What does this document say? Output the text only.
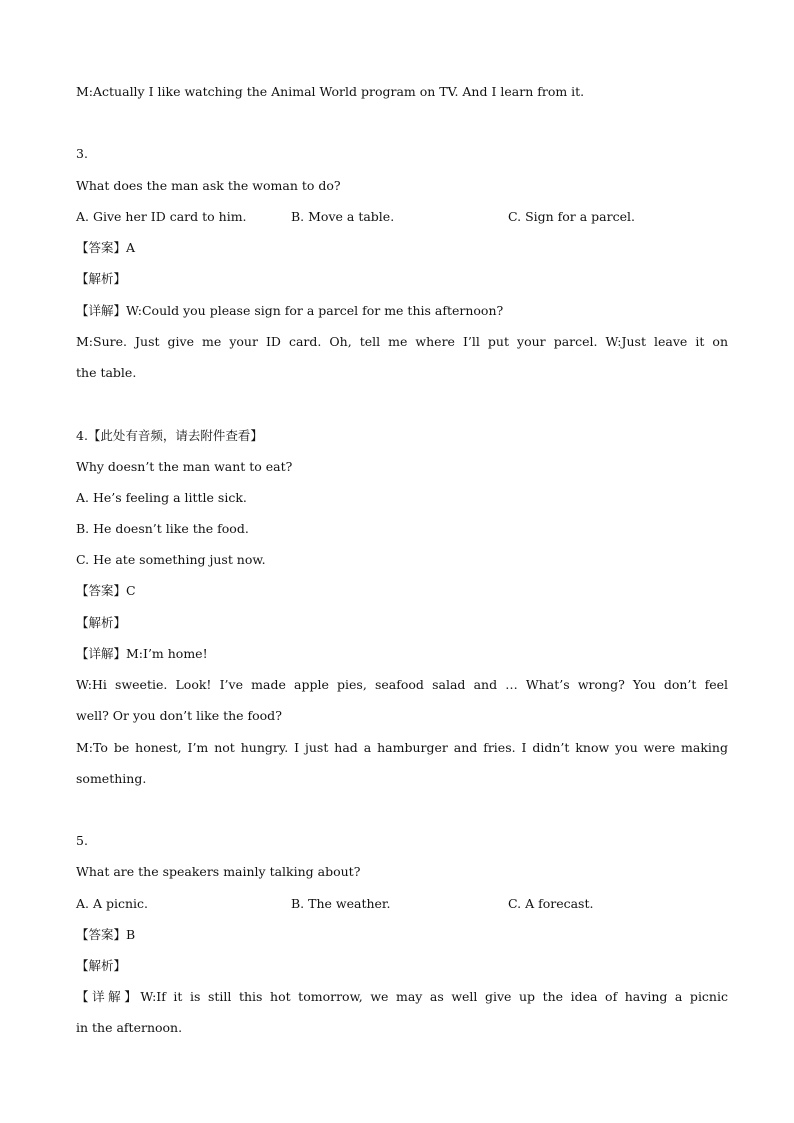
M:Actually I like watching the Animal World program on TV. And I learn from it.
3.
What does the man ask the woman to do?
A. Give her ID card to him.	B. Move a table.	C. Sign for a parcel.
【答案】A
【解析】
【详解】W:Could you please sign for a parcel for me this afternoon?
M:Sure. Just give me your ID card. Oh, tell me where I’ll put your parcel. W:Just leave it on
the table.
4.【此处有音频，请去附件查看】
Why doesn’t the man want to eat?
A. He’s feeling a little sick.
B. He doesn’t like the food.
C. He ate something just now.
【答案】C
【解析】
【详解】M:I’m home!
W:Hi sweetie. Look! I’ve made apple pies, seafood salad and … What’s wrong? You don’t feel
well? Or you don’t like the food?
M:To be honest, I’m not hungry. I just had a hamburger and fries. I didn’t know you were making
something.
5.
What are the speakers mainly talking about?
A. A picnic.	B. The weather.	C. A forecast.
【答案】B
【解析】
【详解】W:If it is still this hot tomorrow, we may as well give up the idea of having a picnic
in the afternoon.
